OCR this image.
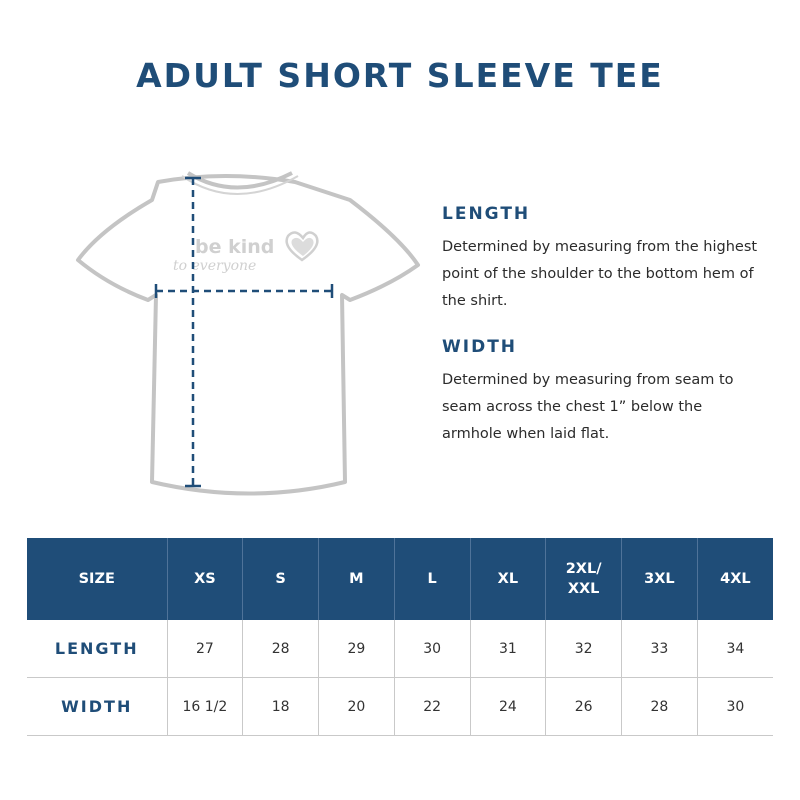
ADULT SHORT SLEEVE TEE
be kind
to everyone
LENGTH

Determined by measuring from the highest point of the shoulder to the bottom hem of the shirt.

WIDTH

Determined by measuring from seam to seam across the chest 1” below the armhole when laid flat.

SIZE	XS	S	M	L	XL	2XL/ XXL	3XL	4XL
LENGTH	27	28	29	30	31	32	33	34
WIDTH	16 1/2	18	20	22	24	26	28	30
